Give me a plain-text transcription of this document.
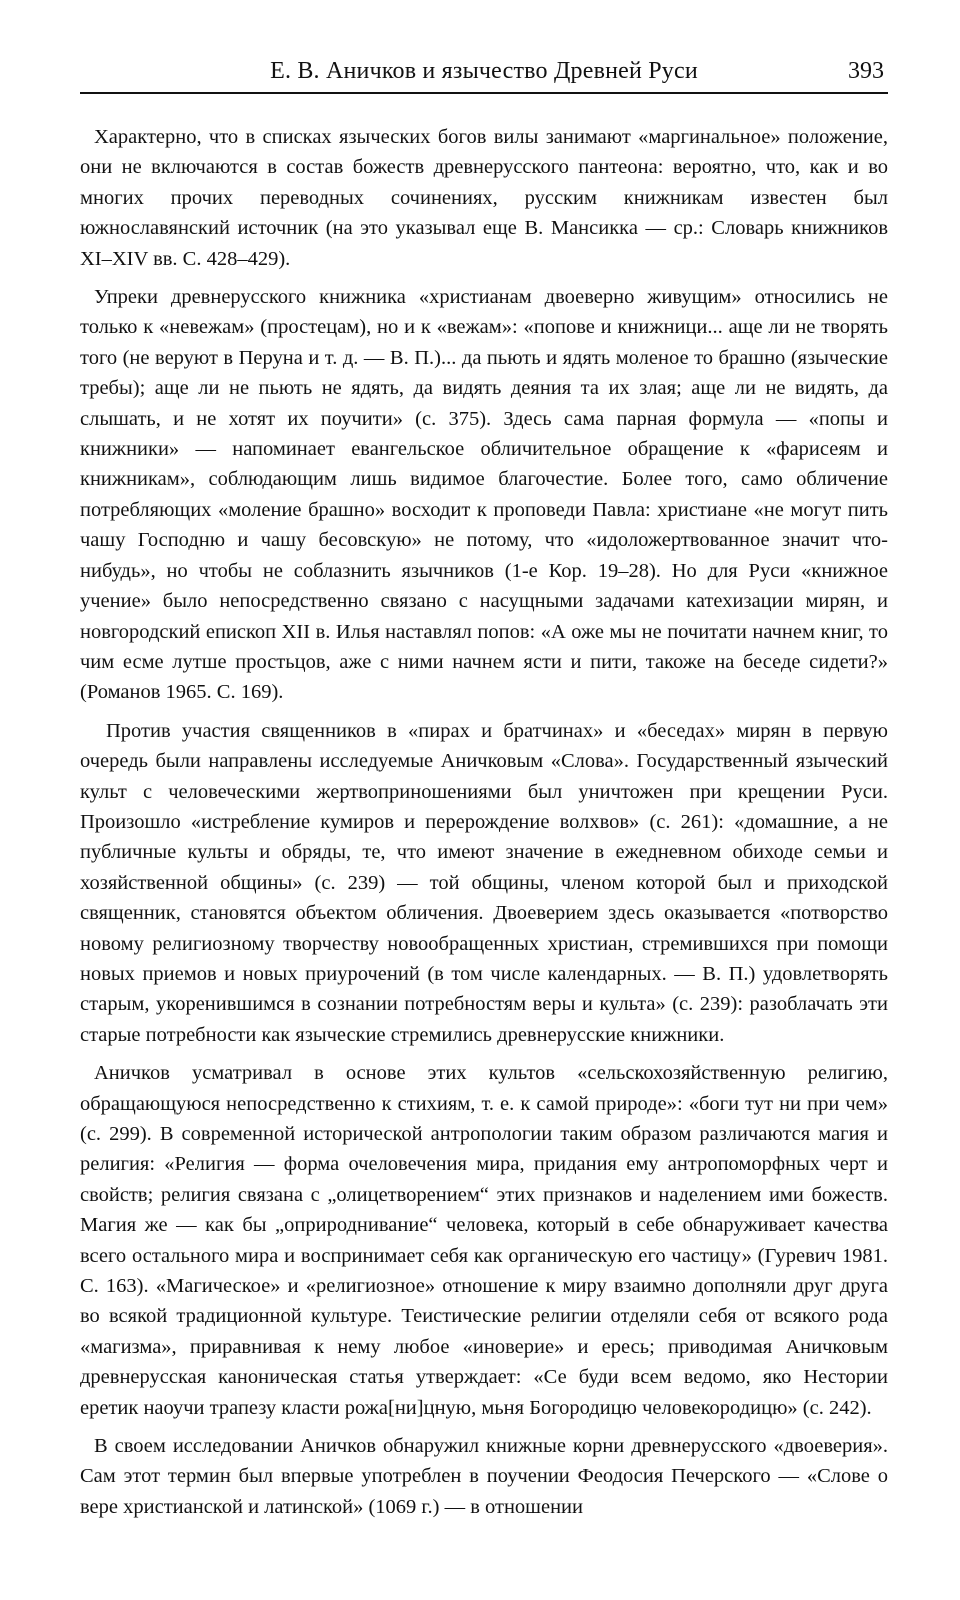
Е. В. Аничков и язычество Древней Руси	393

Характерно, что в списках языческих богов вилы занимают «маргинальное» положение, они не включаются в состав божеств древнерусского пантеона: вероятно, что, как и во многих прочих переводных сочинениях, русским книжникам известен был южнославянский источник (на это указывал еще В. Мансикка — ср.: Словарь книжников XI–XIV вв. С. 428–429).

Упреки древнерусского книжника «христианам двоеверно живущим» относились не только к «невежам» (простецам), но и к «вежам»: «попове и книжници... аще ли не творять того (не веруют в Перуна и т. д. — В. П.)... да пьють и ядять моленое то брашно (языческие требы); аще ли не пьють не ядять, да видять деяния та их злая; аще ли не видять, да слышать, и не хотят их поучити» (с. 375). Здесь сама парная формула — «попы и книжники» — напоминает евангельское обличительное обращение к «фарисеям и книжникам», соблюдающим лишь видимое благочестие. Более того, само обличение потребляющих «моление брашно» восходит к проповеди Павла: христиане «не могут пить чашу Господню и чашу бесовскую» не потому, что «идоложертвованное значит что-нибудь», но чтобы не соблазнить язычников (1-е Кор. 19–28). Но для Руси «книжное учение» было непосредственно связано с насущными задачами катехизации мирян, и новгородский епископ XII в. Илья наставлял попов: «А оже мы не почитати начнем книг, то чим есме лутше простьцов, аже с ними начнем ясти и пити, такоже на беседе сидети?» (Романов 1965. С. 169).

Против участия священников в «пирах и братчинах» и «беседах» мирян в первую очередь были направлены исследуемые Аничковым «Слова». Государственный языческий культ с человеческими жертвоприношениями был уничтожен при крещении Руси. Произошло «истребление кумиров и перерождение волхвов» (с. 261): «домашние, а не публичные культы и обряды, те, что имеют значение в ежедневном обиходе семьи и хозяйственной общины» (с. 239) — той общины, членом которой был и приходской священник, становятся объектом обличения. Двоеверием здесь оказывается «потворство новому религиозному творчеству новообращенных христиан, стремившихся при помощи новых приемов и новых приурочений (в том числе календарных. — В. П.) удовлетворять старым, укоренившимся в сознании потребностям веры и культа» (с. 239): разоблачать эти старые потребности как языческие стремились древнерусские книжники.

Аничков усматривал в основе этих культов «сельскохозяйственную религию, обращающуюся непосредственно к стихиям, т. е. к самой природе»: «боги тут ни при чем» (с. 299). В современной исторической антропологии таким образом различаются магия и религия: «Религия — форма очеловечения мира, придания ему антропоморфных черт и свойств; религия связана с „олицетворением“ этих признаков и наделением ими божеств. Магия же — как бы „оприроднивание“ человека, который в себе обнаруживает качества всего остального мира и воспринимает себя как органическую его частицу» (Гуревич 1981. С. 163). «Магическое» и «религиозное» отношение к миру взаимно дополняли друг друга во всякой традиционной культуре. Теистические религии отделяли себя от всякого рода «магизма», приравнивая к нему любое «иноверие» и ересь; приводимая Аничковым древнерусская каноническая статья утверждает: «Се буди всем ведомо, яко Нестории еретик наоучи трапезу класти рожа[ни]цную, мьня Богородицю человекородицю» (с. 242).

В своем исследовании Аничков обнаружил книжные корни древнерусского «двоеверия». Сам этот термин был впервые употреблен в поучении Феодосия Печерского — «Слове о вере христианской и латинской» (1069 г.) — в отношении
